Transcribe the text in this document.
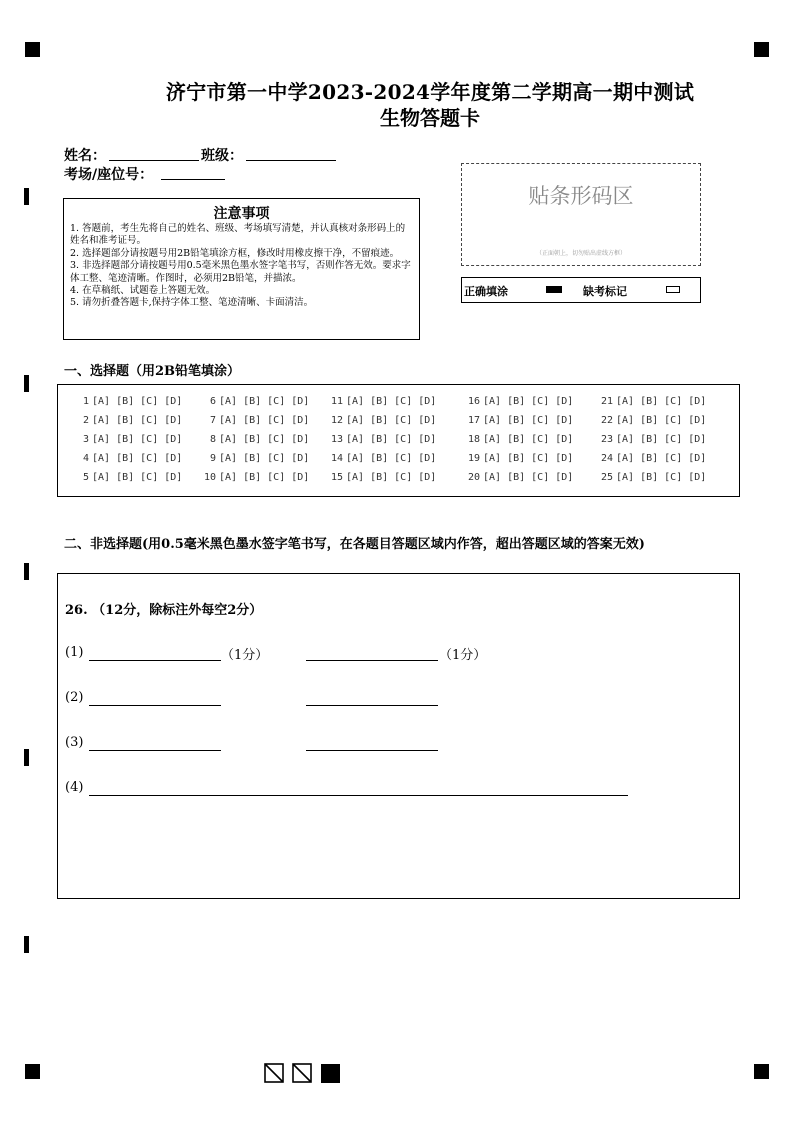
济宁市第一中学2023-2024学年度第二学期高一期中测试
生物答题卡
姓名：	班级：
考场/座位号：
注意事项
1. 答题前，考生先将自己的姓名、班级、考场填写清楚，并认真核对条形码上的姓名和准考证号。
2. 选择题部分请按题号用2B铅笔填涂方框，修改时用橡皮擦干净，不留痕迹。
3. 非选择题部分请按题号用0.5毫米黑色墨水签字笔书写，否则作答无效。要求字体工整、笔迹清晰。作图时，必须用2B铅笔，并描浓。
4. 在草稿纸、试题卷上答题无效。
5. 请勿折叠答题卡,保持字体工整、笔迹清晰、卡面清洁。
贴条形码区
（正面朝上，切勿贴出虚线方框）
正确填涂	缺考标记
一、选择题（用2B铅笔填涂）
1 [A] [B] [C] [D]
2 [A] [B] [C] [D]
3 [A] [B] [C] [D]
4 [A] [B] [C] [D]
5 [A] [B] [C] [D]
6 [A] [B] [C] [D]
7 [A] [B] [C] [D]
8 [A] [B] [C] [D]
9 [A] [B] [C] [D]
10 [A] [B] [C] [D]
11 [A] [B] [C] [D]
12 [A] [B] [C] [D]
13 [A] [B] [C] [D]
14 [A] [B] [C] [D]
15 [A] [B] [C] [D]
16 [A] [B] [C] [D]
17 [A] [B] [C] [D]
18 [A] [B] [C] [D]
19 [A] [B] [C] [D]
20 [A] [B] [C] [D]
21 [A] [B] [C] [D]
22 [A] [B] [C] [D]
23 [A] [B] [C] [D]
24 [A] [B] [C] [D]
25 [A] [B] [C] [D]
二、非选择题(用0.5毫米黑色墨水签字笔书写，在各题目答题区域内作答，超出答题区域的答案无效)
26. （12分，除标注外每空2分）
(1)	（1分）	（1分）
(2)
(3)
(4)
